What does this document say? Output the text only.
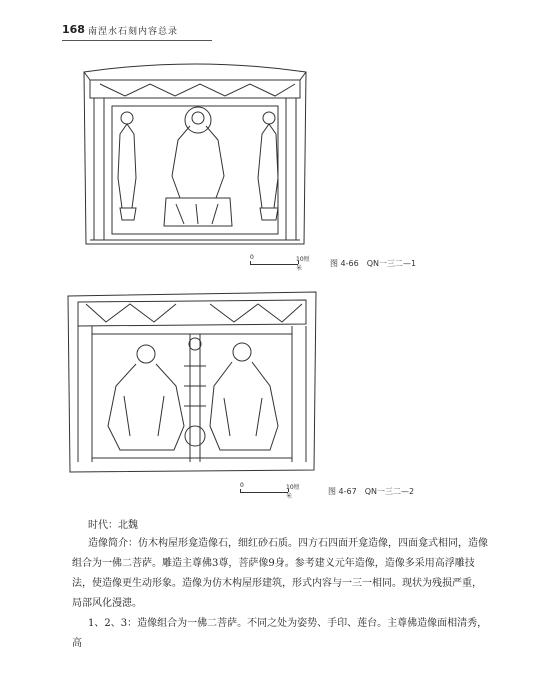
168 南涅水石刻内容总录
0	10厘米
图 4-66　QN一三二—1
0	10厘米
图 4-67　QN一三二—2
时代：北魏

造像简介：仿木构屋形龛造像石，细红砂石质。四方石四面开龛造像，四面龛式相同，造像组合为一佛二菩萨。雕造主尊佛3尊，菩萨像9身。参考建义元年造像，造像多采用高浮雕技法，使造像更生动形象。造像为仿木构屋形建筑，形式内容与一三一相同。现状为残损严重，局部风化漫漶。

1、2、3：造像组合为一佛二菩萨。不同之处为姿势、手印、莲台。主尊佛造像面相清秀，高
